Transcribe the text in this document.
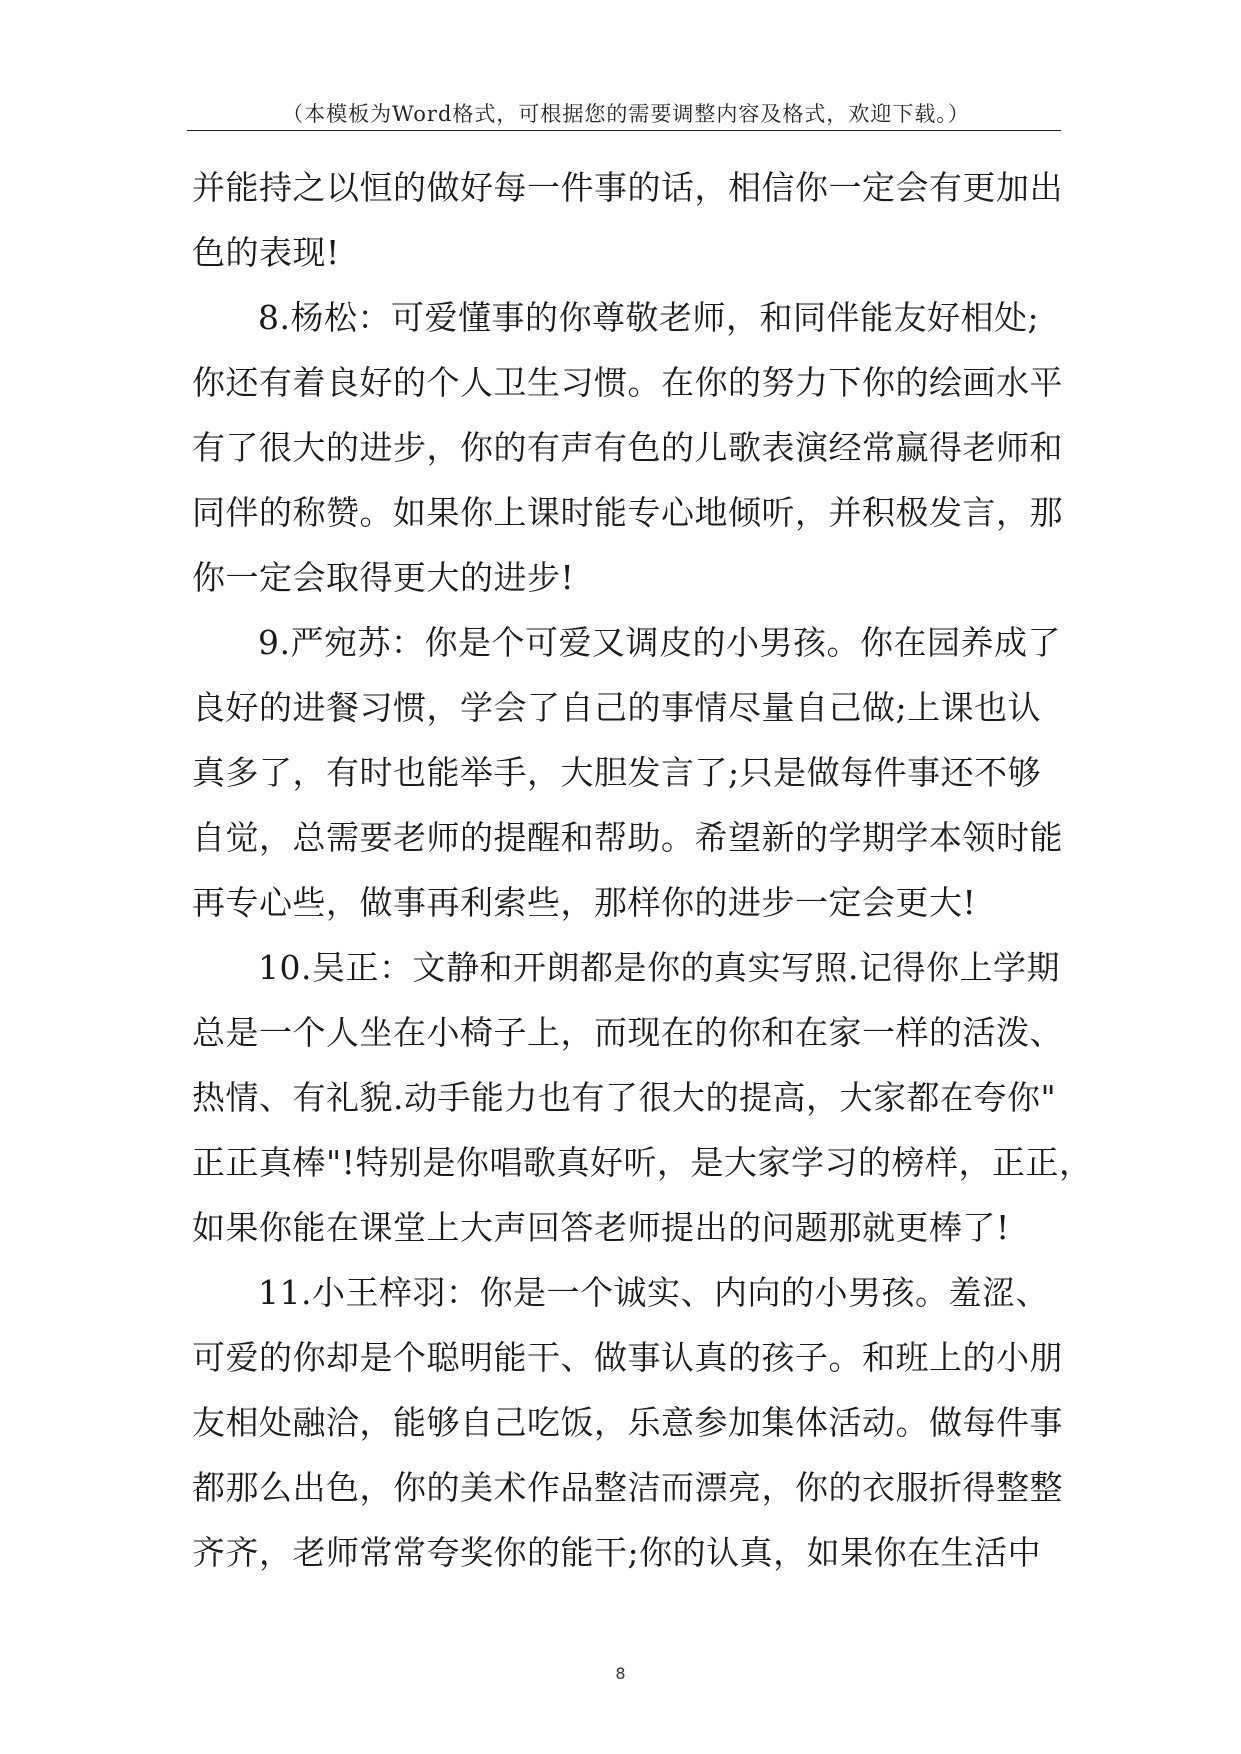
（本模板为Word格式，可根据您的需要调整内容及格式，欢迎下载。）
并能持之以恒的做好每一件事的话，相信你一定会有更加出
色的表现!
8.杨松：可爱懂事的你尊敬老师，和同伴能友好相处;
你还有着良好的个人卫生习惯。在你的努力下你的绘画水平
有了很大的进步，你的有声有色的儿歌表演经常赢得老师和
同伴的称赞。如果你上课时能专心地倾听，并积极发言，那
你一定会取得更大的进步!
9.严宛苏：你是个可爱又调皮的小男孩。你在园养成了
良好的进餐习惯，学会了自己的事情尽量自己做;上课也认
真多了，有时也能举手，大胆发言了;只是做每件事还不够
自觉，总需要老师的提醒和帮助。希望新的学期学本领时能
再专心些，做事再利索些，那样你的进步一定会更大!
10.吴正：文静和开朗都是你的真实写照.记得你上学期
总是一个人坐在小椅子上，而现在的你和在家一样的活泼、
热情、有礼貌.动手能力也有了很大的提高，大家都在夸你"
正正真棒"!特别是你唱歌真好听，是大家学习的榜样，正正，
如果你能在课堂上大声回答老师提出的问题那就更棒了!
11.小王梓羽：你是一个诚实、内向的小男孩。羞涩、
可爱的你却是个聪明能干、做事认真的孩子。和班上的小朋
友相处融洽，能够自己吃饭，乐意参加集体活动。做每件事
都那么出色，你的美术作品整洁而漂亮，你的衣服折得整整
齐齐，老师常常夸奖你的能干;你的认真，如果你在生活中
8
